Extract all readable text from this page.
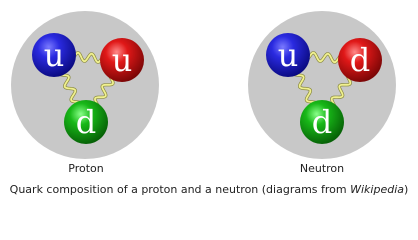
u u
d
u d
d
Proton	Neutron
Quark composition of a proton and a neutron (diagrams from Wikipedia)
